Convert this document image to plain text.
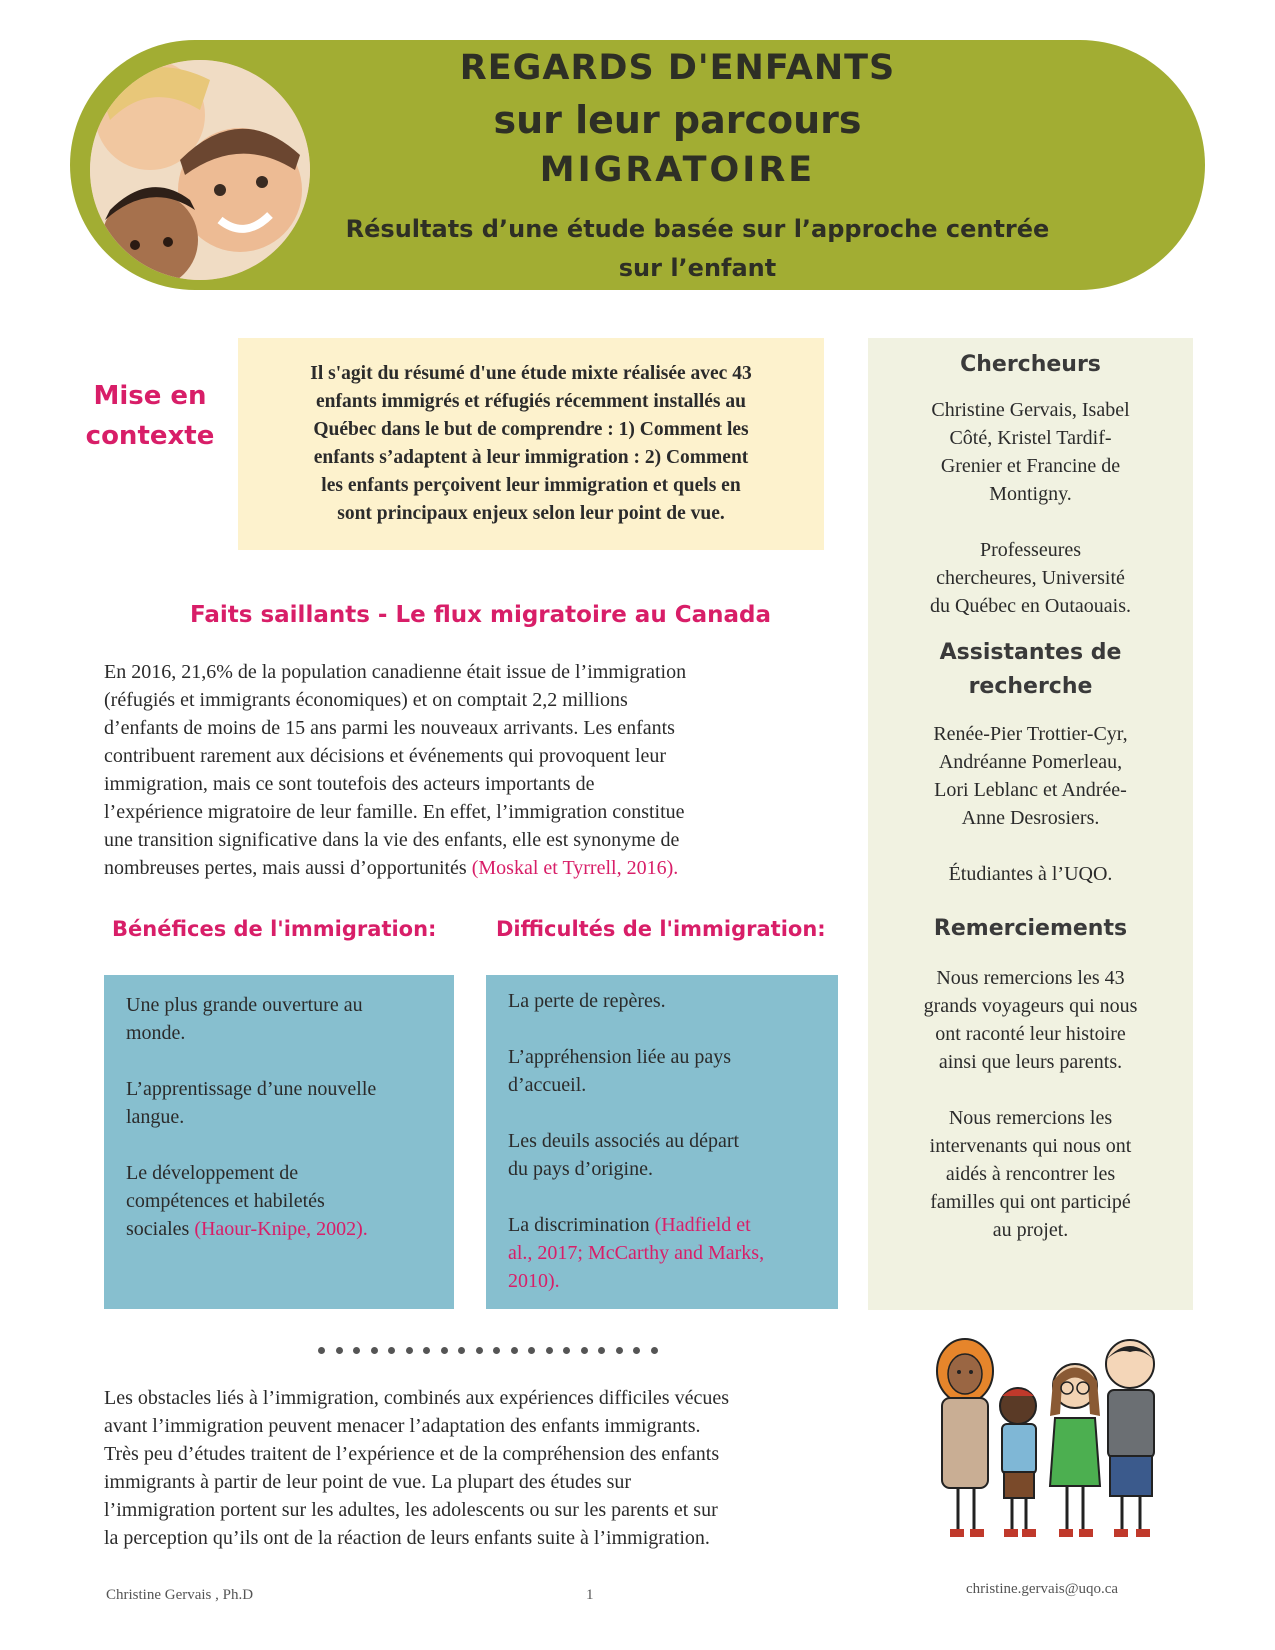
REGARDS D'ENFANTS
sur leur parcours
MIGRATOIRE
Résultats d’une étude basée sur l’approche centrée
sur l’enfant
Mise en
contexte
Il s'agit du résumé d'une étude mixte réalisée avec 43
enfants immigrés et réfugiés récemment installés au
Québec dans le but de comprendre : 1) Comment les
enfants s’adaptent à leur immigration : 2) Comment
les enfants perçoivent leur immigration et quels en
sont principaux enjeux selon leur point de vue.
Faits saillants - Le flux migratoire au Canada
En 2016, 21,6% de la population canadienne était issue de l’immigration
(réfugiés et immigrants économiques) et on comptait 2,2 millions
d’enfants de moins de 15 ans parmi les nouveaux arrivants. Les enfants
contribuent rarement aux décisions et événements qui provoquent leur
immigration, mais ce sont toutefois des acteurs importants de
l’expérience migratoire de leur famille. En effet, l’immigration constitue
une transition significative dans la vie des enfants, elle est synonyme de
nombreuses pertes, mais aussi d’opportunités (Moskal et Tyrrell, 2016).
Bénéfices de l'immigration:	Difficultés de l'immigration:

Une plus grande ouverture au
monde.

L’apprentissage d’une nouvelle
langue.

Le développement de
compétences et habiletés
sociales (Haour-Knipe, 2002).

La perte de repères.

L’appréhension liée au pays
d’accueil.

Les deuils associés au départ
du pays d’origine.

La discrimination (Hadfield et
al., 2017; McCarthy and Marks,
2010).

Chercheurs
Christine Gervais, Isabel
Côté, Kristel Tardif-
Grenier et Francine de
Montigny.
Professeures
chercheures, Université
du Québec en Outaouais.
Assistantes de
recherche
Renée-Pier Trottier-Cyr,
Andréanne Pomerleau,
Lori Leblanc et Andrée-
Anne Desrosiers.
Étudiantes à l’UQO.
Remerciements
Nous remercions les 43
grands voyageurs qui nous
ont raconté leur histoire
ainsi que leurs parents.
Nous remercions les
intervenants qui nous ont
aidés à rencontrer les
familles qui ont participé
au projet.
Les obstacles liés à l’immigration, combinés aux expériences difficiles vécues
avant l’immigration peuvent menacer l’adaptation des enfants immigrants.
Très peu d’études traitent de l’expérience et de la compréhension des enfants
immigrants à partir de leur point de vue. La plupart des études sur
l’immigration portent sur les adultes, les adolescents ou sur les parents et sur
la perception qu’ils ont de la réaction de leurs enfants suite à l’immigration.
Christine Gervais , Ph.D	1	christine.gervais@uqo.ca
